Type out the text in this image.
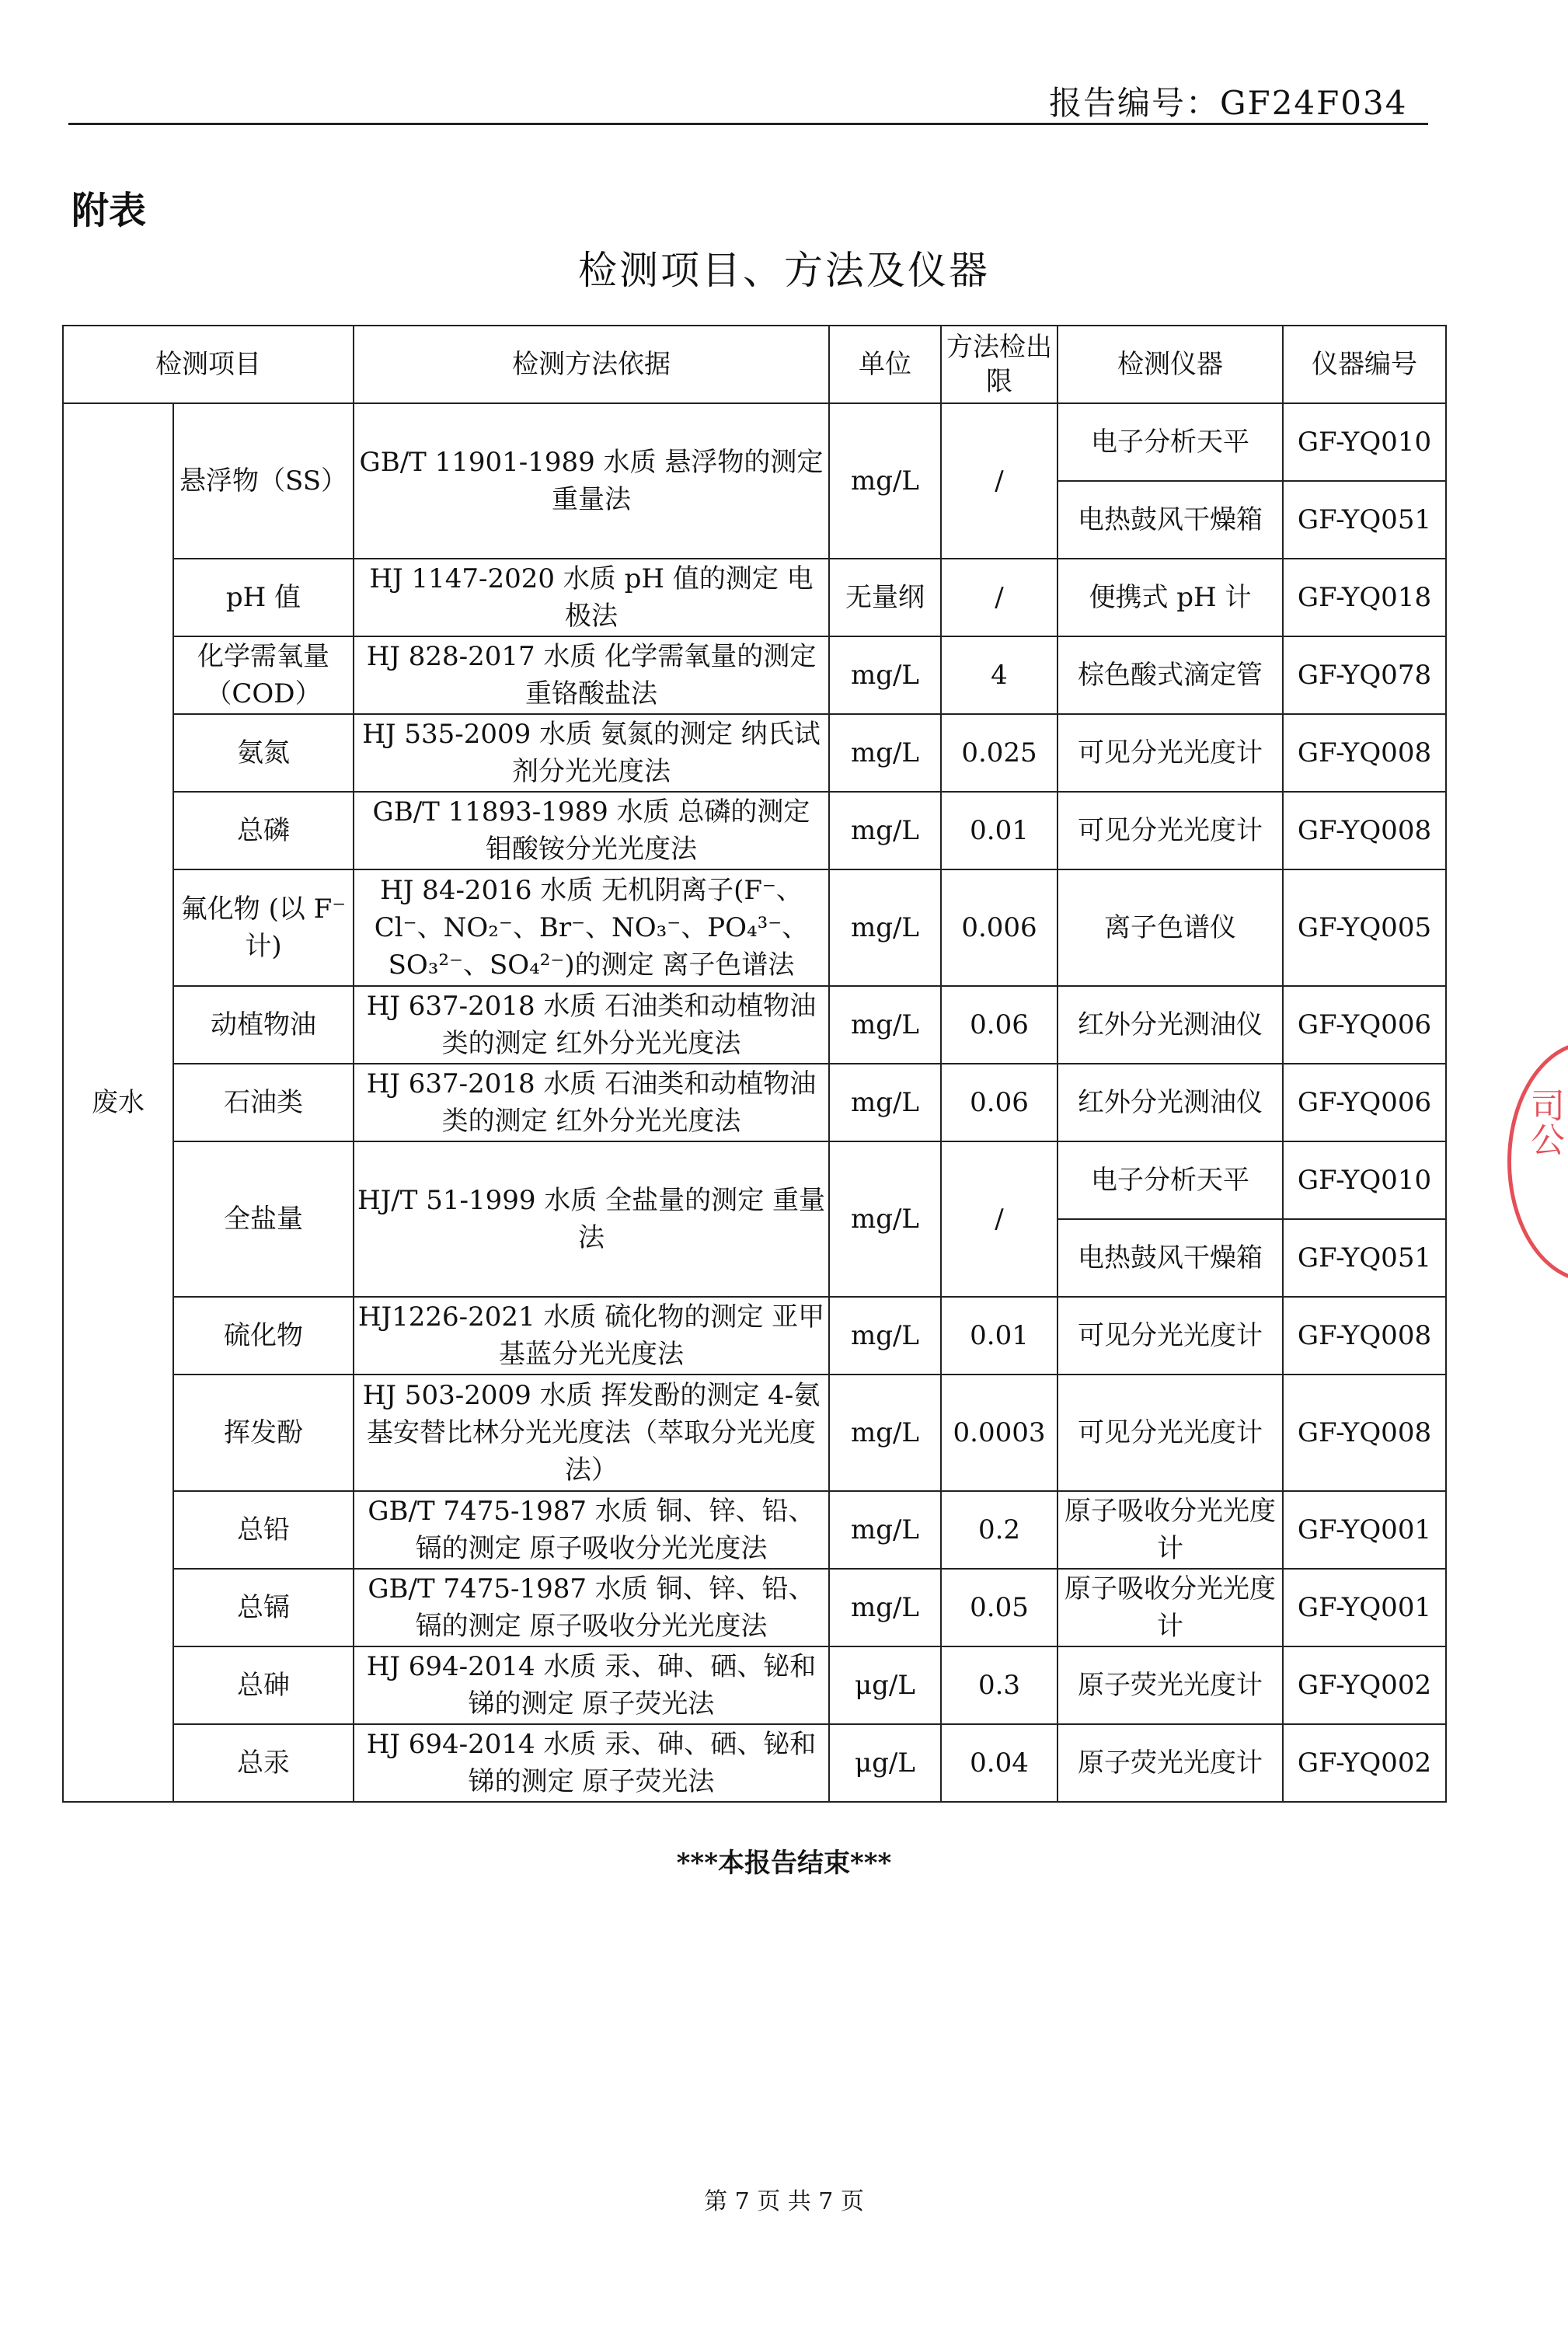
报告编号：GF24F034
附表
检测项目、方法及仪器
检测项目		检测方法依据	单位	方法检出限	检测仪器	仪器编号
废水	悬浮物（SS）	GB/T 11901-1989 水质 悬浮物的测定 重量法	mg/L	/	电子分析天平	GF-YQ010
					电热鼓风干燥箱	GF-YQ051
	pH 值	HJ 1147-2020 水质 pH 值的测定 电极法	无量纲	/	便携式 pH 计	GF-YQ018
	化学需氧量（COD）	HJ 828-2017 水质 化学需氧量的测定 重铬酸盐法	mg/L	4	棕色酸式滴定管	GF-YQ078
	氨氮	HJ 535-2009 水质 氨氮的测定 纳氏试剂分光光度法	mg/L	0.025	可见分光光度计	GF-YQ008
	总磷	GB/T 11893-1989 水质 总磷的测定 钼酸铵分光光度法	mg/L	0.01	可见分光光度计	GF-YQ008
	氟化物 (以 F⁻ 计)	HJ 84-2016 水质 无机阴离子(F⁻、Cl⁻、NO₂⁻、Br⁻、NO₃⁻、PO₄³⁻、SO₃²⁻、SO₄²⁻)的测定 离子色谱法	mg/L	0.006	离子色谱仪	GF-YQ005
	动植物油	HJ 637-2018 水质 石油类和动植物油类的测定 红外分光光度法	mg/L	0.06	红外分光测油仪	GF-YQ006
	石油类	HJ 637-2018 水质 石油类和动植物油类的测定 红外分光光度法	mg/L	0.06	红外分光测油仪	GF-YQ006
	全盐量	HJ/T 51-1999 水质 全盐量的测定 重量法	mg/L	/	电子分析天平	GF-YQ010
					电热鼓风干燥箱	GF-YQ051
	硫化物	HJ1226-2021 水质 硫化物的测定 亚甲基蓝分光光度法	mg/L	0.01	可见分光光度计	GF-YQ008
	挥发酚	HJ 503-2009 水质 挥发酚的测定 4-氨基安替比林分光光度法（萃取分光光度法）	mg/L	0.0003	可见分光光度计	GF-YQ008
	总铅	GB/T 7475-1987 水质 铜、锌、铅、镉的测定 原子吸收分光光度法	mg/L	0.2	原子吸收分光光度计	GF-YQ001
	总镉	GB/T 7475-1987 水质 铜、锌、铅、镉的测定 原子吸收分光光度法	mg/L	0.05	原子吸收分光光度计	GF-YQ001
	总砷	HJ 694-2014 水质 汞、砷、硒、铋和锑的测定 原子荧光法	μg/L	0.3	原子荧光光度计	GF-YQ002
	总汞	HJ 694-2014 水质 汞、砷、硒、铋和锑的测定 原子荧光法	μg/L	0.04	原子荧光光度计	GF-YQ002
***本报告结束***
第 7 页 共 7 页
司公
